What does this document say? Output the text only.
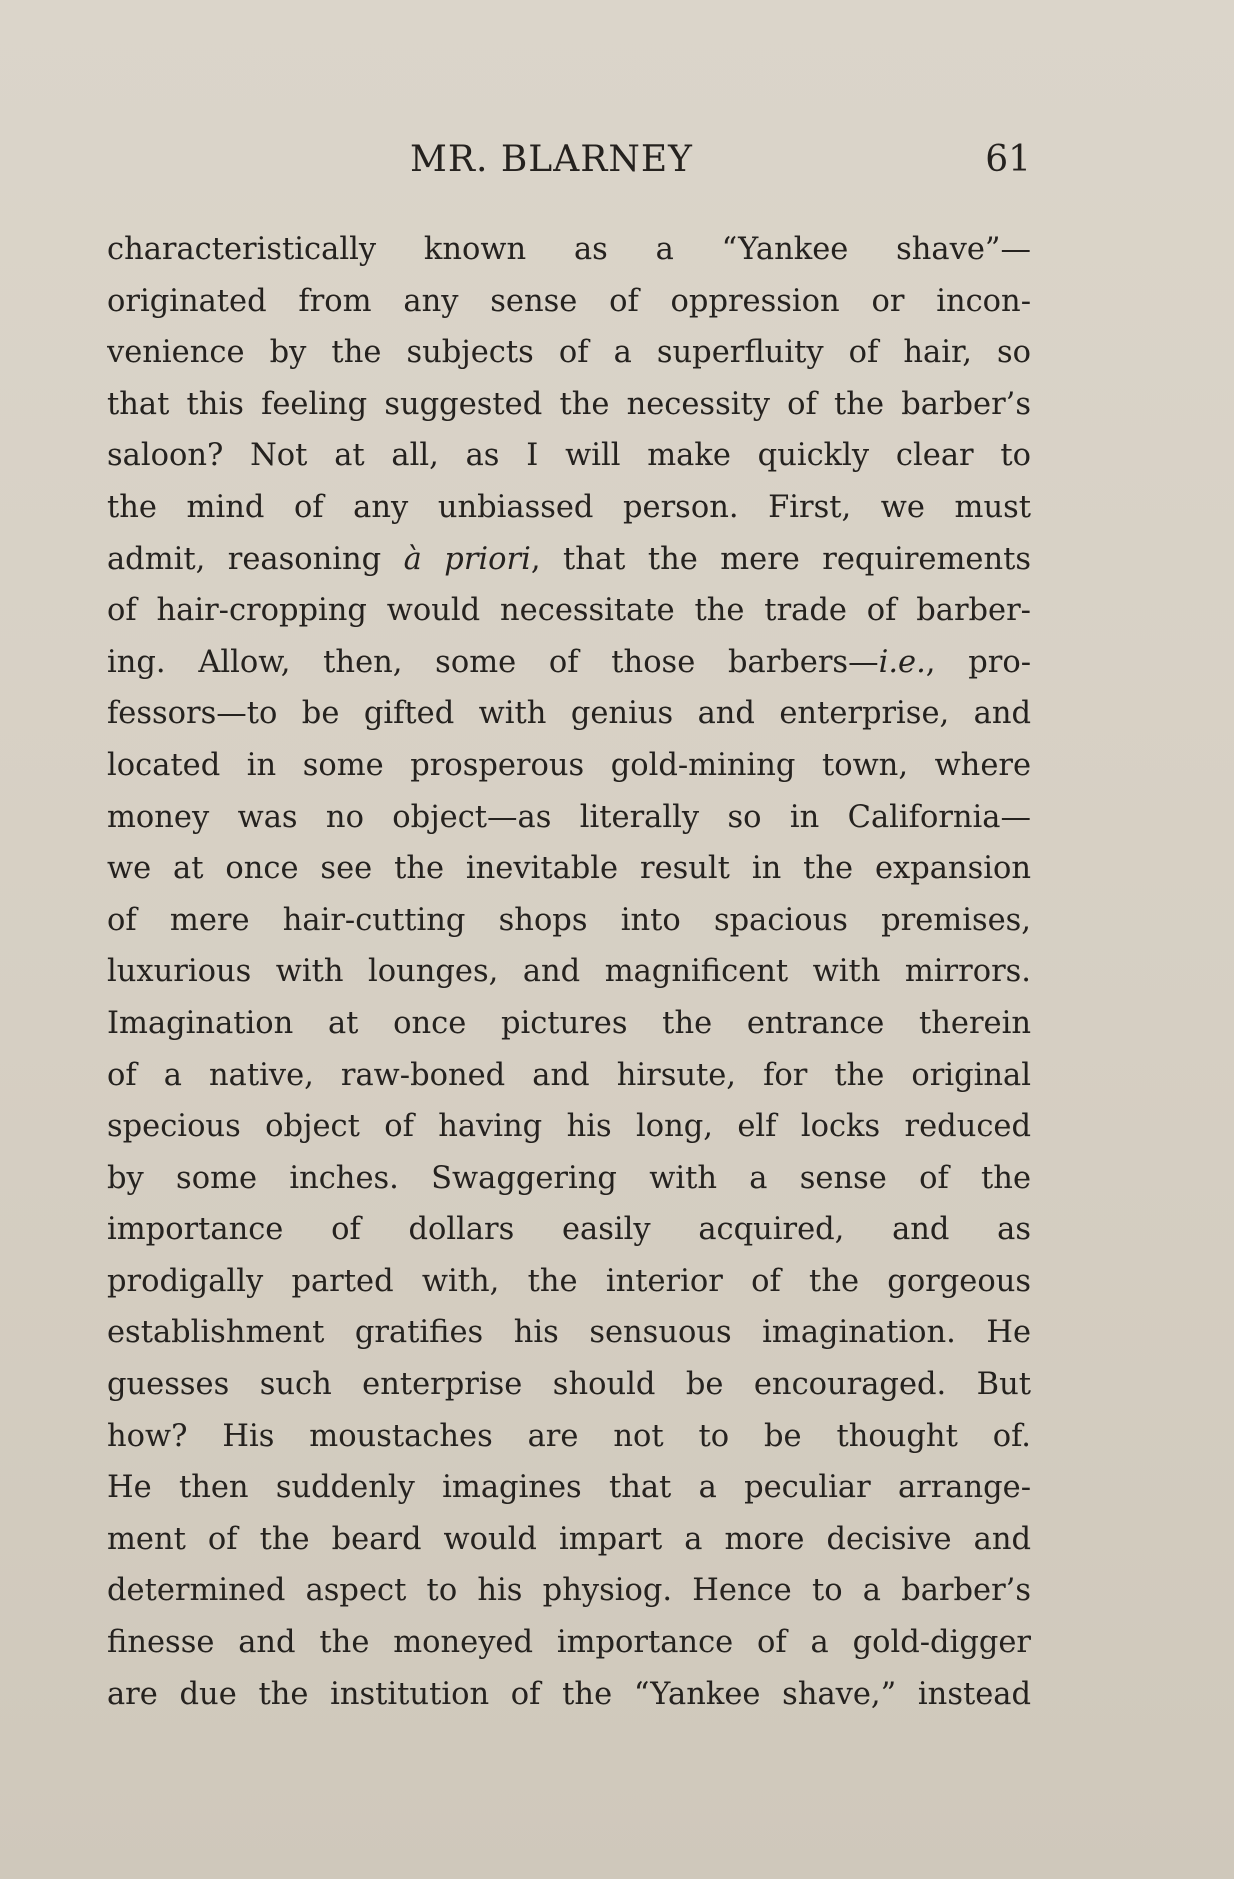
MR. BLARNEY	61
characteristically known as a “Yankee shave”—
originated from any sense of oppression or incon-
venience by the subjects of a superfluity of hair, so
that this feeling suggested the necessity of the barber’s
saloon? Not at all, as I will make quickly clear to
the mind of any unbiassed person. First, we must
admit, reasoning à priori, that the mere requirements
of hair-cropping would necessitate the trade of barber-
ing. Allow, then, some of those barbers—i.e., pro-
fessors—to be gifted with genius and enterprise, and
located in some prosperous gold-mining town, where
money was no object—as literally so in California—
we at once see the inevitable result in the expansion
of mere hair-cutting shops into spacious premises,
luxurious with lounges, and magnificent with mirrors.
Imagination at once pictures the entrance therein
of a native, raw-boned and hirsute, for the original
specious object of having his long, elf locks reduced
by some inches. Swaggering with a sense of the
importance of dollars easily acquired, and as
prodigally parted with, the interior of the gorgeous
establishment gratifies his sensuous imagination. He
guesses such enterprise should be encouraged. But
how? His moustaches are not to be thought of.
He then suddenly imagines that a peculiar arrange-
ment of the beard would impart a more decisive and
determined aspect to his physiog. Hence to a barber’s
finesse and the moneyed importance of a gold-digger
are due the institution of the “Yankee shave,” instead
